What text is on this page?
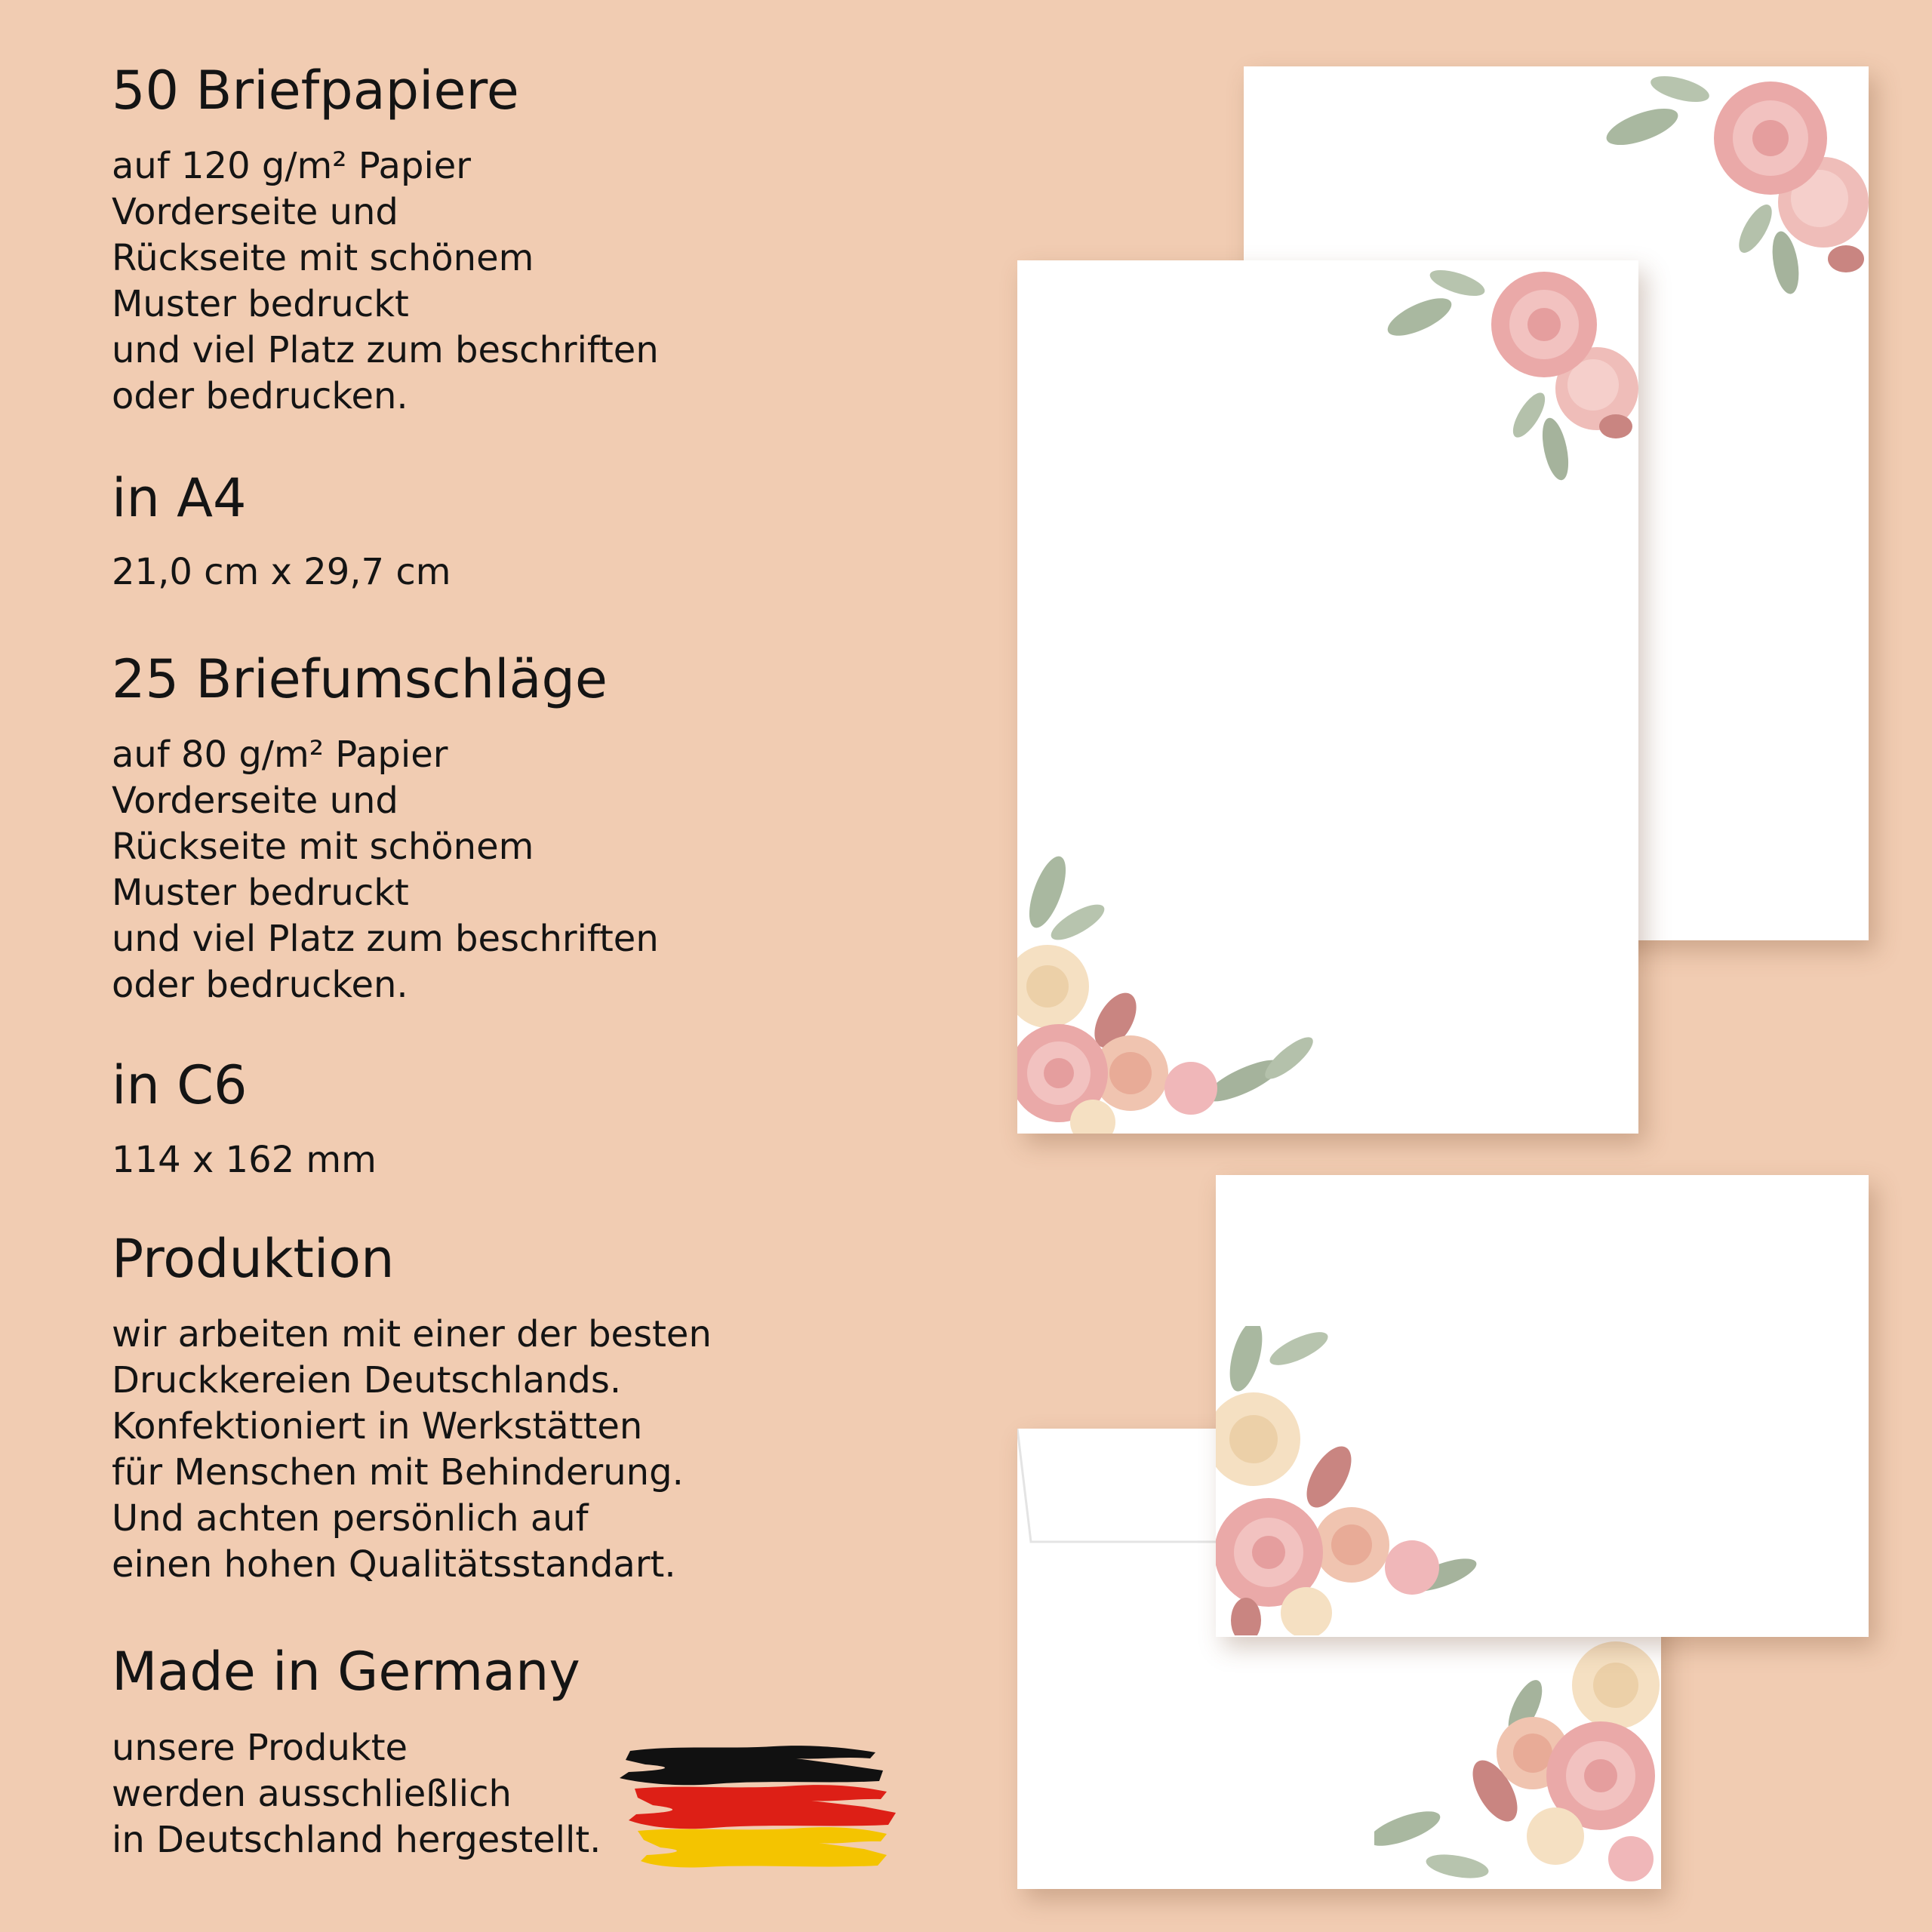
50 Briefpapiere

auf 120 g/m² Papier

Vorderseite und

Rückseite mit schönem

Muster bedruckt

und viel Platz zum beschriften

oder bedrucken.

in A4

21,0 cm x 29,7 cm

25 Briefumschläge

auf 80 g/m² Papier

Vorderseite und

Rückseite mit schönem

Muster bedruckt

und viel Platz zum beschriften

oder bedrucken.

in C6

114 x 162 mm

Produktion

wir arbeiten mit einer der besten

Druckkereien Deutschlands.

Konfektioniert in Werkstätten

für Menschen mit Behinderung.

Und achten persönlich auf

einen hohen Qualitätsstandart.

Made in Germany

unsere Produkte

werden ausschließlich

in Deutschland hergestellt.
